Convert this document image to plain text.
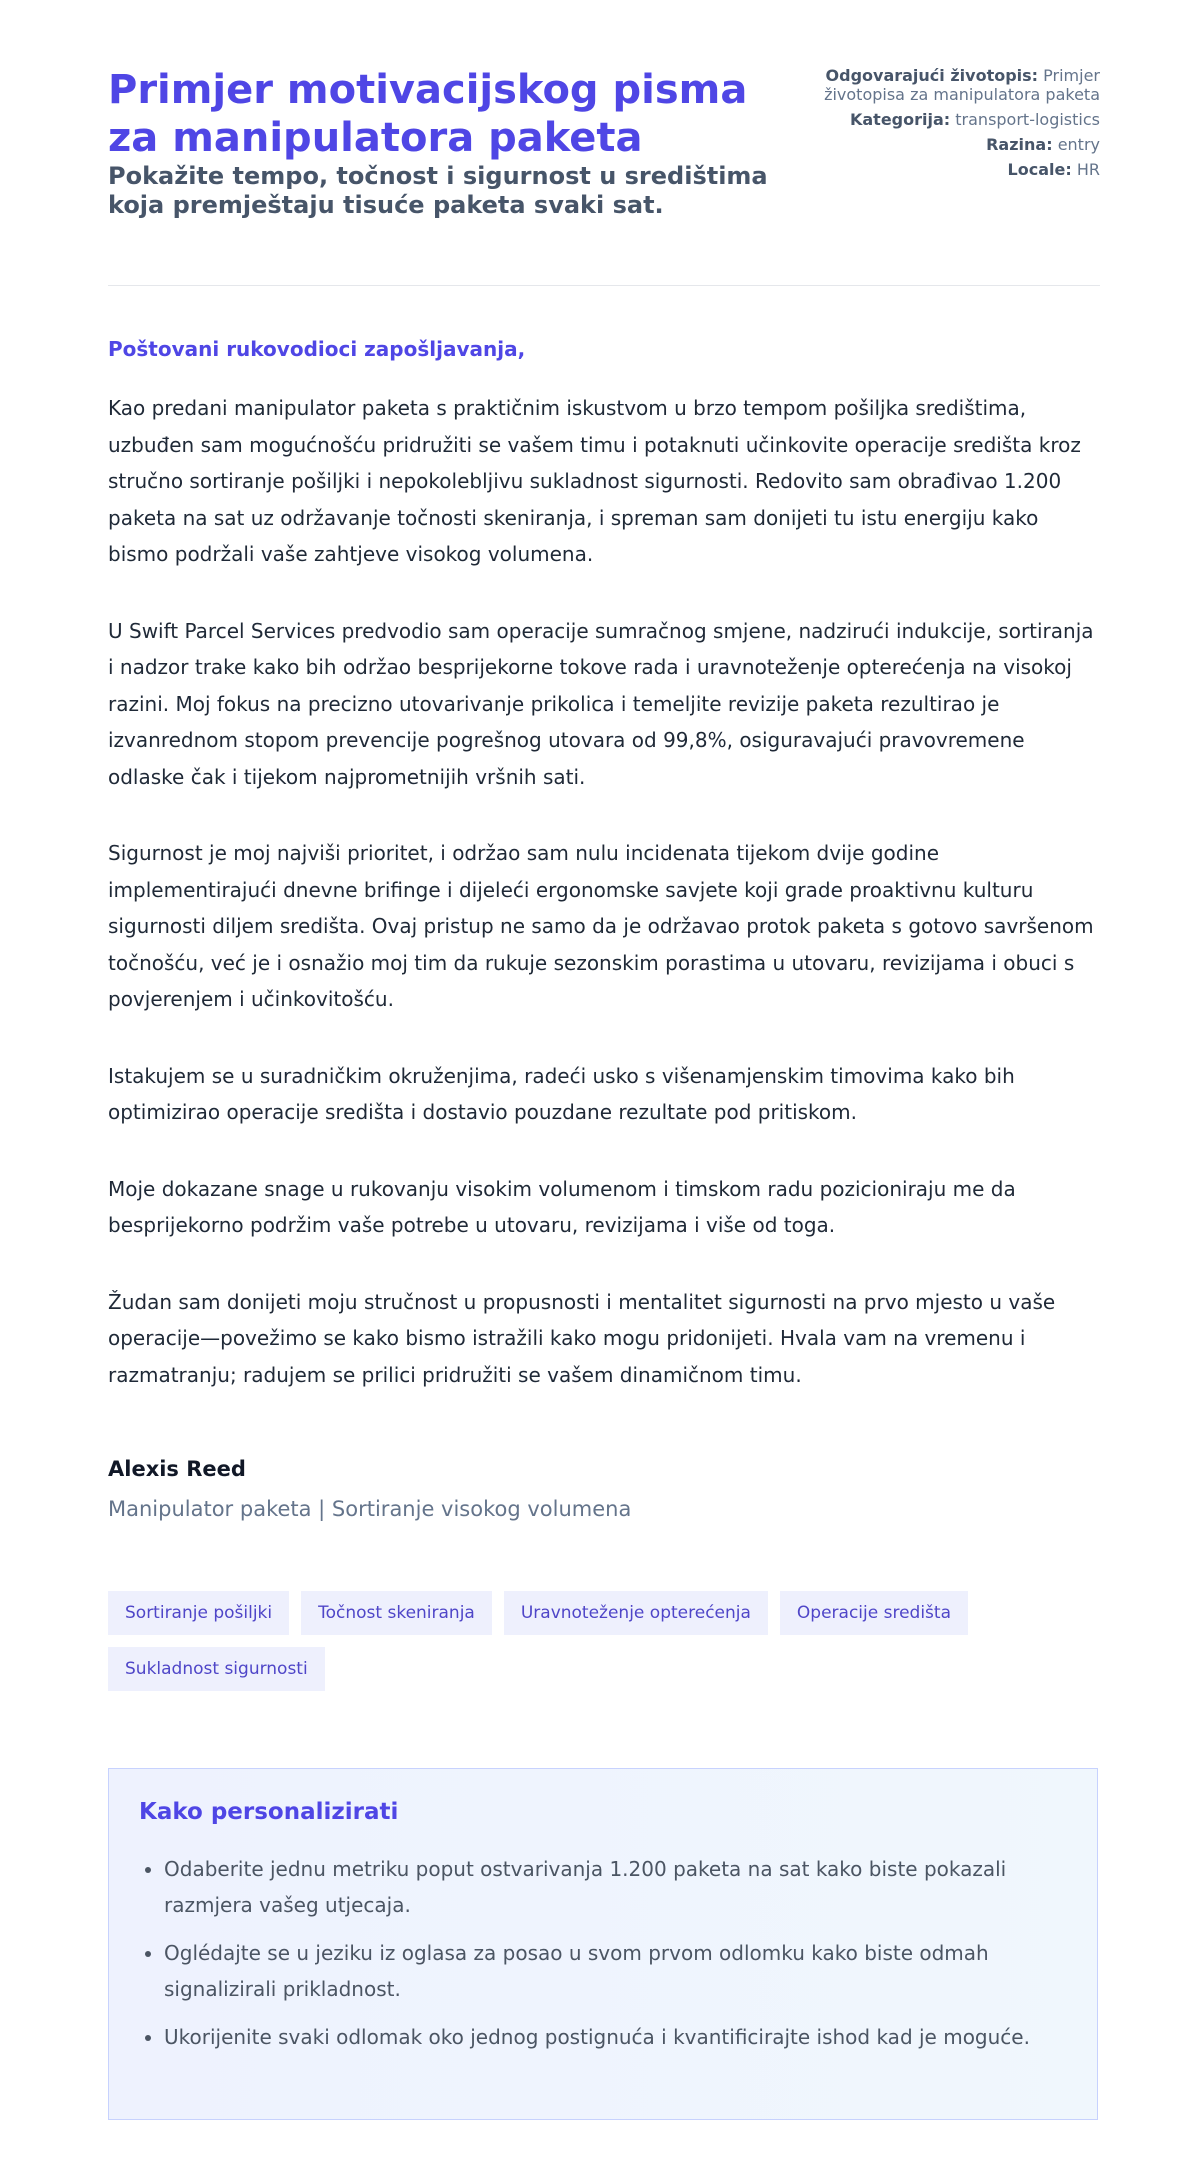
Primjer motivacijskog pisma za manipulatora paketa
Pokažite tempo, točnost i sigurnost u središtima koja premještaju tisuće paketa svaki sat.
Odgovarajući životopis: Primjer životopisa za manipulatora paketa
Kategorija: transport-logistics
Razina: entry
Locale: HR

Poštovani rukovodioci zapošljavanja,

Kao predani manipulator paketa s praktičnim iskustvom u brzo tempom pošiljka središtima, uzbuđen sam mogućnošću pridružiti se vašem timu i potaknuti učinkovite operacije središta kroz stručno sortiranje pošiljki i nepokolebljivu sukladnost sigurnosti. Redovito sam obrađivao 1.200 paketa na sat uz održavanje točnosti skeniranja, i spreman sam donijeti tu istu energiju kako bismo podržali vaše zahtjeve visokog volumena.

U Swift Parcel Services predvodio sam operacije sumračnog smjene, nadzirući indukcije, sortiranja i nadzor trake kako bih održao besprijekorne tokove rada i uravnoteženje opterećenja na visokoj razini. Moj fokus na precizno utovarivanje prikolica i temeljite revizije paketa rezultirao je izvanrednom stopom prevencije pogrešnog utovara od 99,8%, osiguravajući pravovremene odlaske čak i tijekom najprometnijih vršnih sati.

Sigurnost je moj najviši prioritet, i održao sam nulu incidenata tijekom dvije godine implementirajući dnevne brifinge i dijeleći ergonomske savjete koji grade proaktivnu kulturu sigurnosti diljem središta. Ovaj pristup ne samo da je održavao protok paketa s gotovo savršenom točnošću, već je i osnažio moj tim da rukuje sezonskim porastima u utovaru, revizijama i obuci s povjerenjem i učinkovitošću.

Istakujem se u suradničkim okruženjima, radeći usko s višenamjenskim timovima kako bih optimizirao operacije središta i dostavio pouzdane rezultate pod pritiskom.

Moje dokazane snage u rukovanju visokim volumenom i timskom radu pozicioniraju me da besprijekorno podržim vaše potrebe u utovaru, revizijama i više od toga.

Žudan sam donijeti moju stručnost u propusnosti i mentalitet sigurnosti na prvo mjesto u vaše operacije—povežimo se kako bismo istražili kako mogu pridonijeti. Hvala vam na vremenu i razmatranju; radujem se prilici pridružiti se vašem dinamičnom timu.

Alexis Reed
Manipulator paketa | Sortiranje visokog volumena
Sortiranje pošiljki	Točnost skeniranja	Uravnoteženje opterećenja	Operacije središta
Sukladnost sigurnosti
Kako personalizirati
• Odaberite jednu metriku poput ostvarivanja 1.200 paketa na sat kako biste pokazali razmjera vašeg utjecaja.
• Oglédajte se u jeziku iz oglasa za posao u svom prvom odlomku kako biste odmah signalizirali prikladnost.
• Ukorijenite svaki odlomak oko jednog postignuća i kvantificirajte ishod kad je moguće.
